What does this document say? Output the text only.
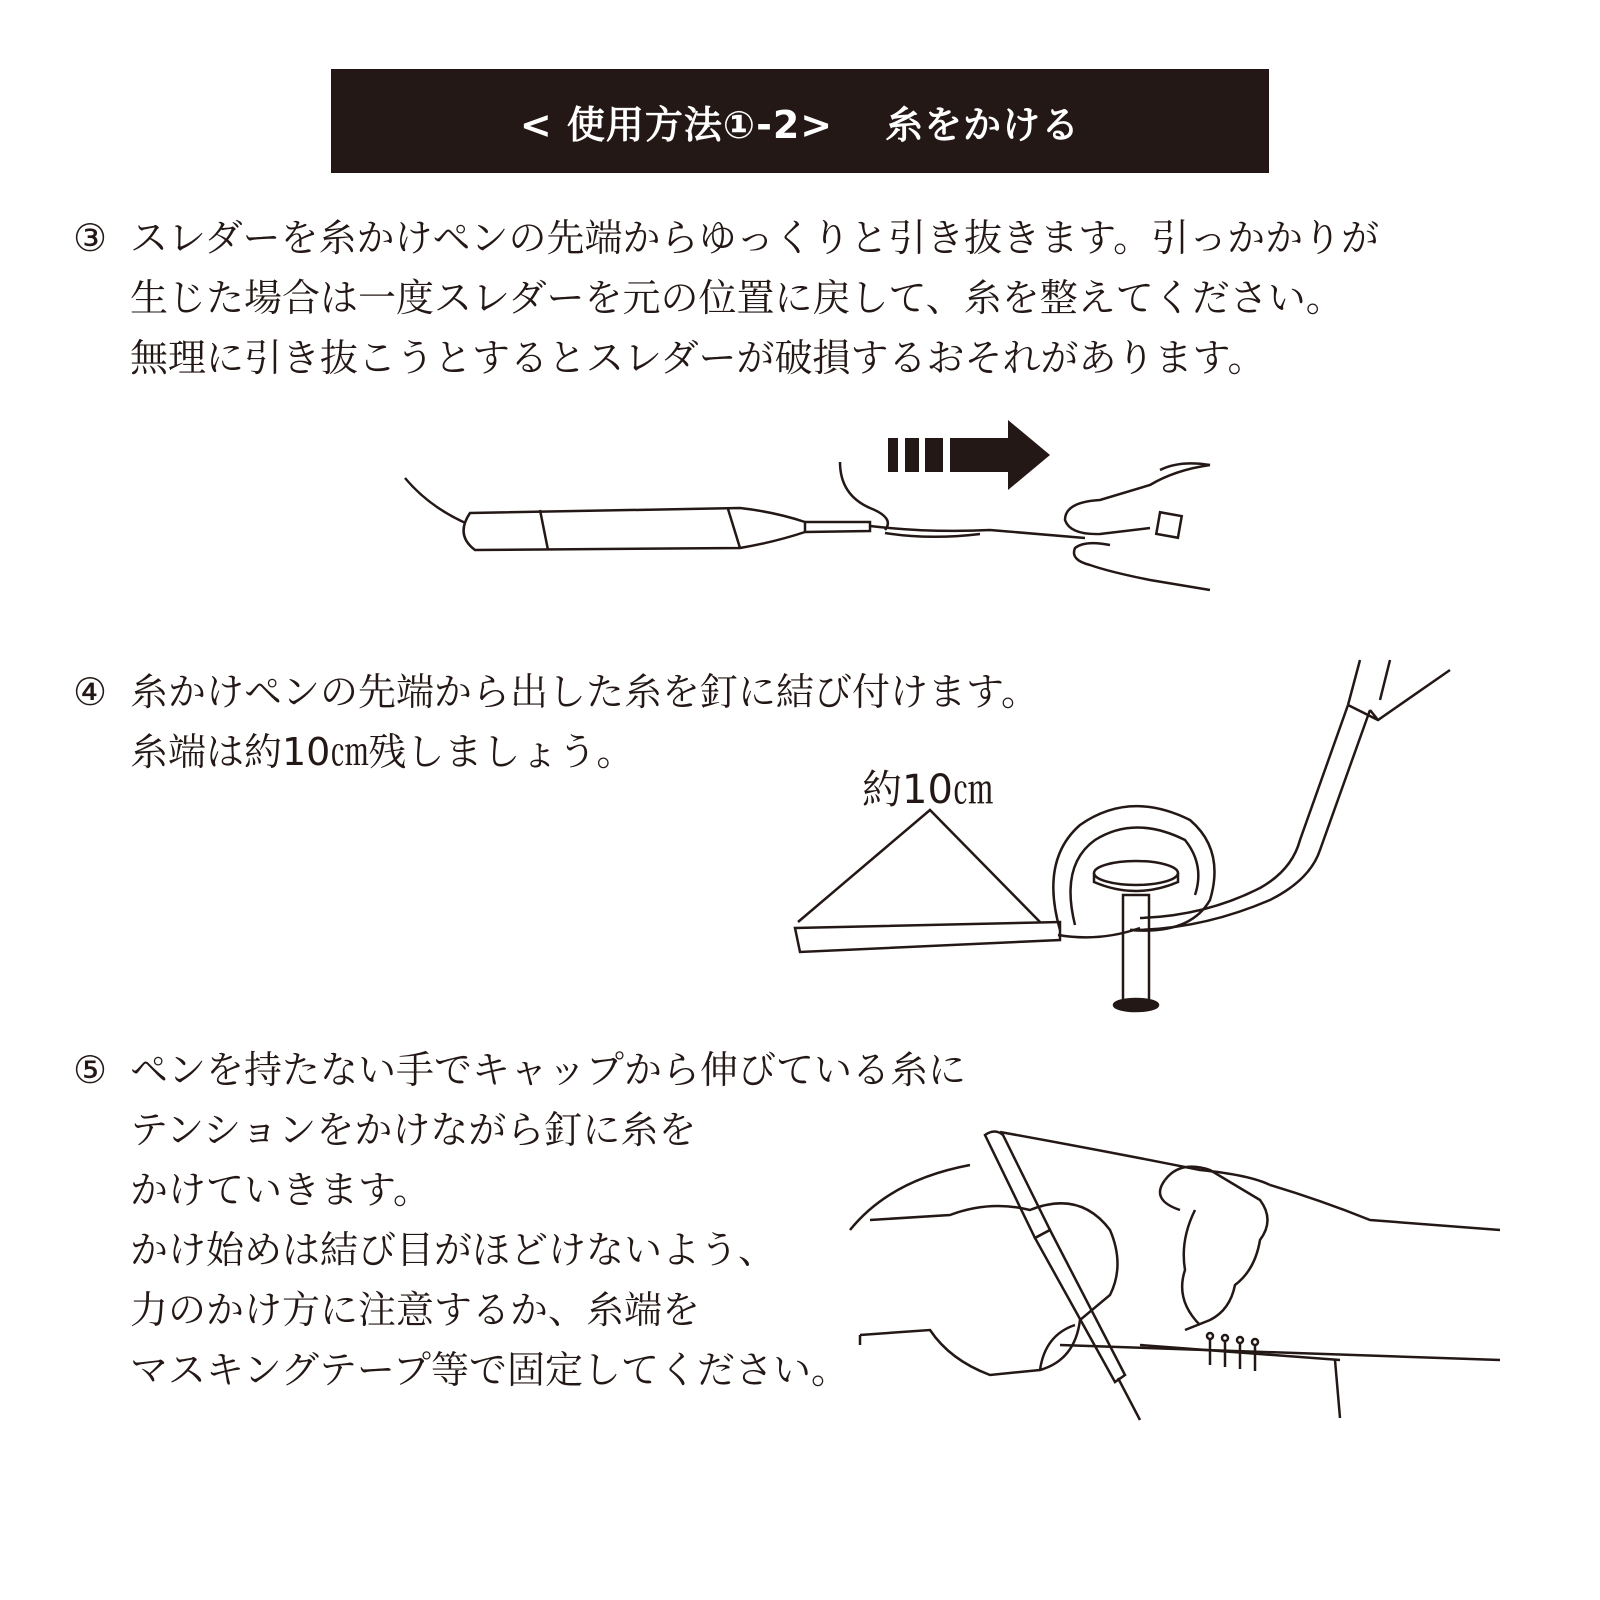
< 使用方法①-2> 糸をかける
③ スレダーを糸かけペンの先端からゆっくりと引き抜きます。引っかかりが
生じた場合は一度スレダーを元の位置に戻して、糸を整えてください。
無理に引き抜こうとするとスレダーが破損するおそれがあります。
④ 糸かけペンの先端から出した糸を釘に結び付けます。
糸端は約10㎝残しましょう。
約10㎝
⑤ ペンを持たない手でキャップから伸びている糸に
テンションをかけながら釘に糸を
かけていきます。
かけ始めは結び目がほどけないよう、
力のかけ方に注意するか、糸端を
マスキングテープ等で固定してください。
